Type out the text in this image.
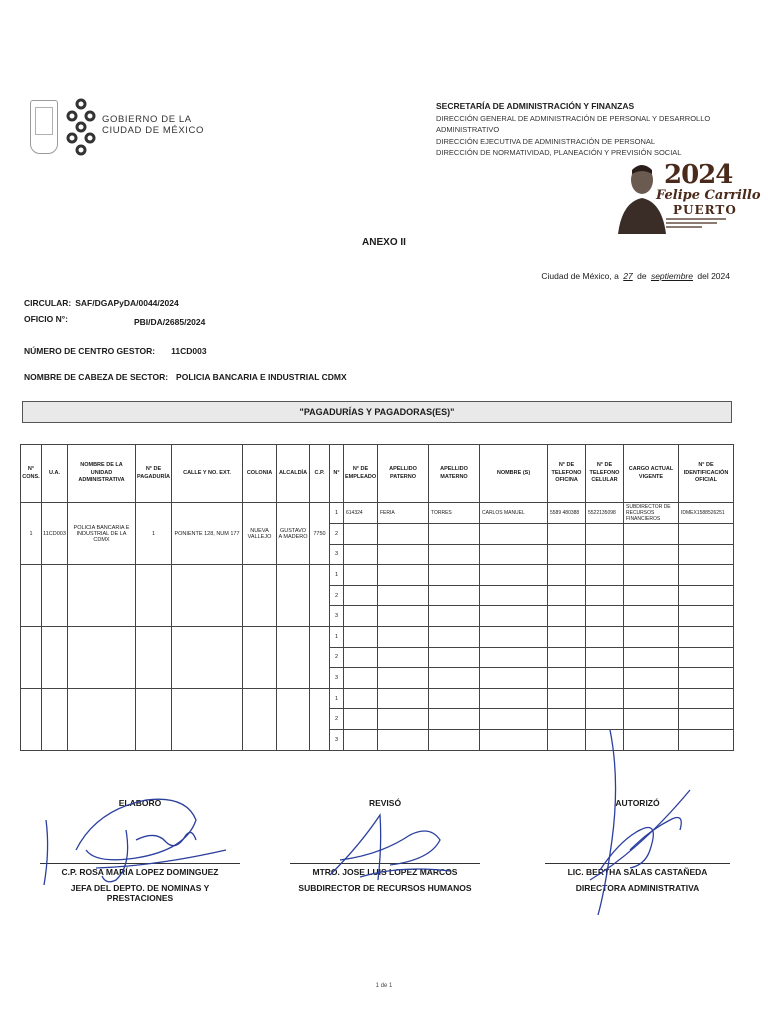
GOBIERNO DE LA
CIUDAD DE MÉXICO
SECRETARÍA DE ADMINISTRACIÓN Y FINANZAS
DIRECCIÓN GENERAL DE ADMINISTRACIÓN DE PERSONAL Y DESARROLLO ADMINISTRATIVO
DIRECCIÓN EJECUTIVA DE ADMINISTRACIÓN DE PERSONAL
DIRECCIÓN DE NORMATIVIDAD, PLANEACIÓN Y PREVISIÓN SOCIAL
2024
Felipe Carrillo
PUERTO
ANEXO II
Ciudad de México, a 27 de septiembre del 2024
CIRCULAR: SAF/DGAPyDA/0044/2024
OFICIO N°:	PBI/DA/2685/2024
NÚMERO DE CENTRO GESTOR: 11CD003
NOMBRE DE CABEZA DE SECTOR: POLICIA BANCARIA E INDUSTRIAL CDMX
"PAGADURÍAS Y PAGADORAS(ES)"
N° CONS.	U.A.	NOMBRE DE LA UNIDAD ADMINISTRATIVA	N° DE PAGADURÍA	CALLE Y NO. EXT.	COLONIA	ALCALDÍA	C.P.	N°	N° DE EMPLEADO	APELLIDO PATERNO	APELLIDO MATERNO	NOMBRE (S)	N° DE TELEFONO OFICINA	N° DE TELEFONO CELULAR	CARGO ACTUAL VIGENTE	N° DE IDENTIFICACIÓN OFICIAL
1	11CD003	POLICIA BANCARIA E INDUSTRIAL DE LA CDMX	1	PONIENTE 128, NUM 177	NUEVA VALLEJO	GUSTAVO A MADERO	7750	1	614324	FERIA	TORRES	CARLOS MANUEL	5589 480388	5522135098	SUBDIRECTOR DE RECURSOS FINANCIEROS	IDMEX1588526251
								2								
								3								
								1								
								2								
								3								
								1								
								2								
								3								
								1								
								2								
								3								
ELABORÓ
C.P. ROSA MARÍA LOPEZ DOMINGUEZ
JEFA DEL DEPTO. DE NOMINAS Y PRESTACIONES
REVISÓ
MTRO. JOSE LUIS LOPEZ MARCOS
SUBDIRECTOR DE RECURSOS HUMANOS
AUTORIZÓ
LIC. BERTHA SALAS CASTAÑEDA
DIRECTORA ADMINISTRATIVA
1 de 1
